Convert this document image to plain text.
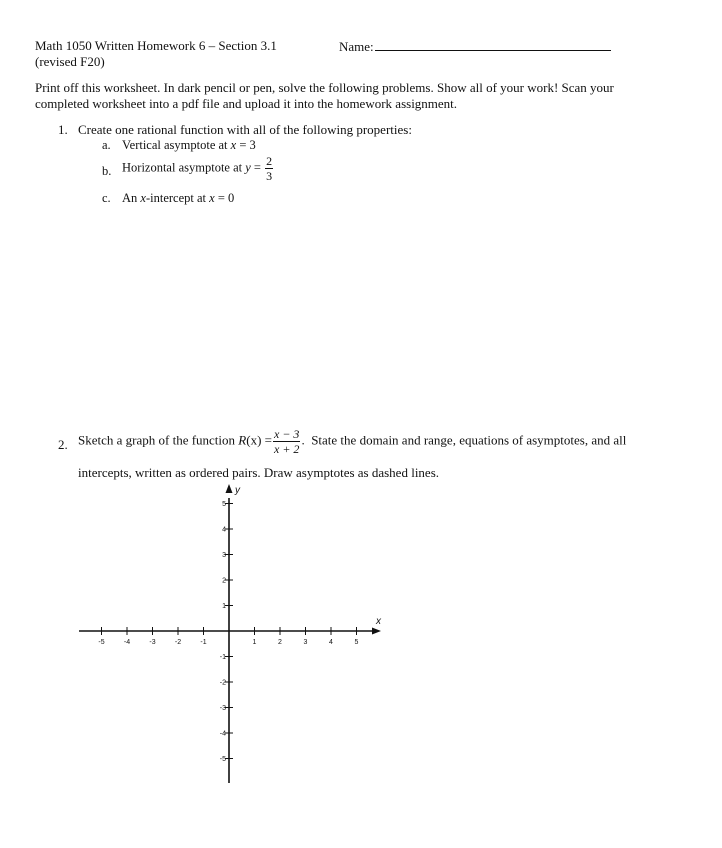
Math 1050 Written Homework 6 – Section 3.1	Name:
(revised F20)
Print off this worksheet. In dark pencil or pen, solve the following problems. Show all of your work! Scan your
completed worksheet into a pdf file and upload it into the homework assignment.
1. Create one rational function with all of the following properties:
a. Vertical asymptote at x = 3
b. Horizontal asymptote at $y = \frac{2}{3}$
c. An x-intercept at x = 0
2. Sketch a graph of the function $R(x) = \frac{x - 3}{x + 2}$ . State the domain and range, equations of asymptotes, and all
intercepts, written as ordered pairs. Draw asymptotes as dashed lines.
-5	-4	-3	-2	-1	1	2	3	4	5
5
4
3
2
1
-1
-2
-3
-4
-5
x
y
